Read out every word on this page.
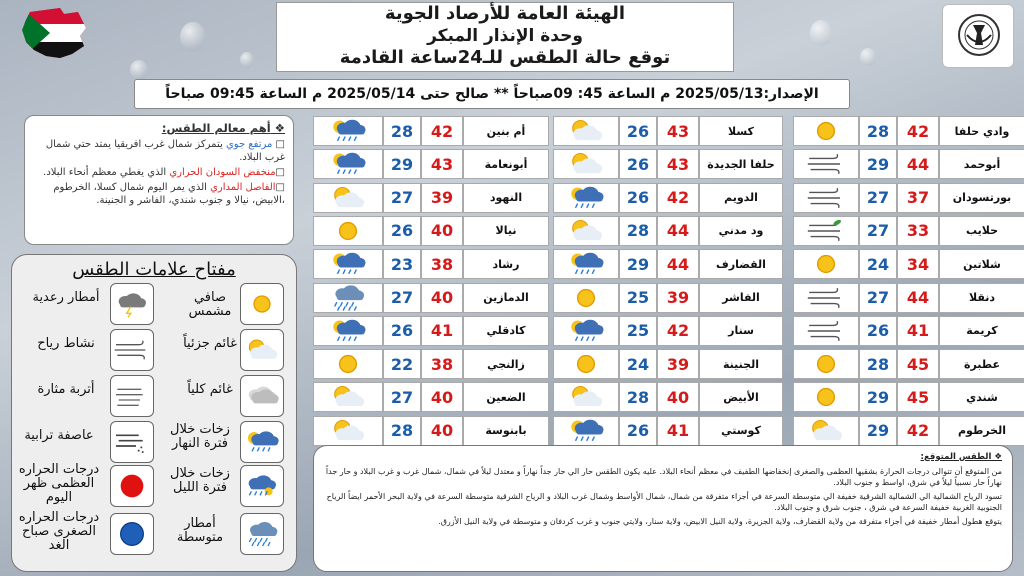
الهيئة العامة للأرصاد الجوية
وحدة الإنذار المبكر
توقع حالة الطقس للـ24ساعة القادمة
الإصدار:2025/05/13 م الساعة 45: 09صباحاً ** صالح حتى 2025/05/14 م الساعة 09:45 صباحاً
❖ أهم معالم الطقس:
□ مرتفع جوي يتمركز شمال غرب افريقيا يمتد حتي شمال غرب البلاد.
□منخفض السودان الحراري الذي يغطي معظم أنحاء البلاد.
□الفاصل المداري الذي يمر اليوم شمال كسلا، الخرطوم ،الابيض، نيالا و جنوب شندي، الفاشر و الجنينة.
مفتاح علامات الطقس
صافي مشمس
أمطار رعدية
غائم جزئياً
نشاط رياح
غائم كلياً
أتربة مثارة
زخات خلال فترة النهار
عاصفة ترابية
زخات خلال فترة الليل
درجات الحراره العظمى ظهر اليوم
أمطار متوسطة
درجات الحراره الصغرى صباح الغد
28 42 وادي حلفا
29 44	أبوحمد
27 37 بورتسودان
27 33	حلايب
24 34	شلاتين
27 44	دنقلا
26 41	كريمة
28 45	عطبرة
29 45	شندي
29 42	الخرطوم
26 43	كسلا
26 43 حلفا الجديدة
26 42	الدويم
28 44	ود مدني
29 44 القضارف
25 39	الفاشر
25 42	سنار
24 39	الجنينة
28 40	الأبيض
26 41	كوستي
28 42	أم بنين
29 43	أبونعامة
27 39	النهود
26 40	نيالا
23 38	رشاد
27 40	الدمازين
26 41	كادقلي
22 38	زالنجي
27 40	الضعين
28 40	بابنوسة
❖ الطقس المتوقع:

من المتوقع أن تتوالى درجات الحرارة بشقيها العظمى والصغرى إنخفاضها الطفيف في معظم أنحاء البلاد. عليه يكون الطقس حار الي حار جداً نهاراً و معتدل ليلاً في شمال، شمال غرب و غرب البلاد و حار جداً نهاراً حار نسبياً ليلاً في شرق، اواسط و جنوب البلاد.

تسود الرياح الشمالية الي الشمالية الشرقية خفيفة الي متوسطة السرعة في أجزاء متفرقة من شمال، شمال الأواسط وشمال غرب البلاد و الرياح الشرقية متوسطة السرعة في ولاية البحر الأحمر ايضاً الرياح الجنوبية الغربية خفيفة السرعة في شرق ، جنوب شرق و جنوب البلاد.

يتوقع هطول أمطار خفيفة في أجزاء متفرقة من ولاية القضارف، ولاية الجزيرة، ولاية النيل الابيض، ولاية سنار، ولايتي جنوب و غرب كردفان و متوسطة في ولاية النيل الأزرق.
